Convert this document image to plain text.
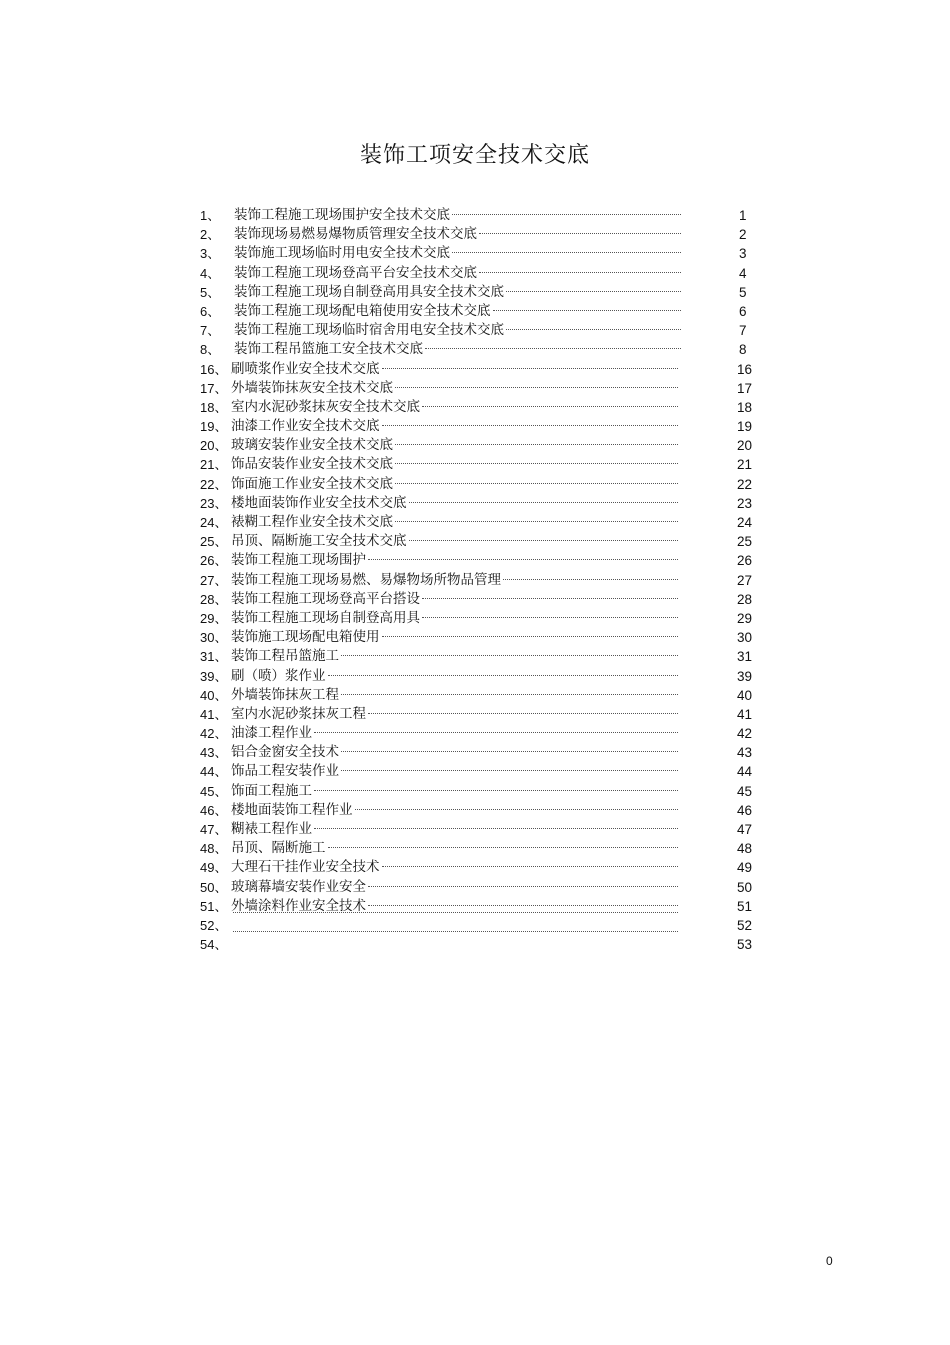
装饰工项安全技术交底
1、	装饰工程施工现场围护安全技术交底	1
2、	装饰现场易燃易爆物质管理安全技术交底	2
3、	装饰施工现场临时用电安全技术交底	3
4、	装饰工程施工现场登高平台安全技术交底	4
5、	装饰工程施工现场自制登高用具安全技术交底	5
6、	装饰工程施工现场配电箱使用安全技术交底	6
7、	装饰工程施工现场临时宿舍用电安全技术交底	7
8、	装饰工程吊篮施工安全技术交底	8
16、 刷喷浆作业安全技术交底	16
17、 外墙装饰抹灰安全技术交底	17
18、 室内水泥砂浆抹灰安全技术交底	18
19、 油漆工作业安全技术交底	19
20、 玻璃安装作业安全技术交底	20
21、 饰品安装作业安全技术交底	21
22、 饰面施工作业安全技术交底	22
23、 楼地面装饰作业安全技术交底	23
24、 裱糊工程作业安全技术交底	24
25、 吊顶、隔断施工安全技术交底	25
26、 装饰工程施工现场围护	26
27、 装饰工程施工现场易燃、易爆物场所物品管理	27
28、 装饰工程施工现场登高平台搭设	28
29、 装饰工程施工现场自制登高用具	29
30、 装饰施工现场配电箱使用	30
31、 装饰工程吊篮施工	31
39、 刷（喷）浆作业	39
40、 外墙装饰抹灰工程	40
41、 室内水泥砂浆抹灰工程	41
42、 油漆工程作业	42
43、 铝合金窗安全技术	43
44、 饰品工程安装作业	44
45、 饰面工程施工	45
46、 楼地面装饰工程作业	46
47、 糊裱工程作业	47
48、 吊顶、隔断施工	48
49、 大理石干挂作业安全技术	49
50、 玻璃幕墙安装作业安全	50
51、 外墙涂料作业安全技术	51
52、	52
54、	53
0
